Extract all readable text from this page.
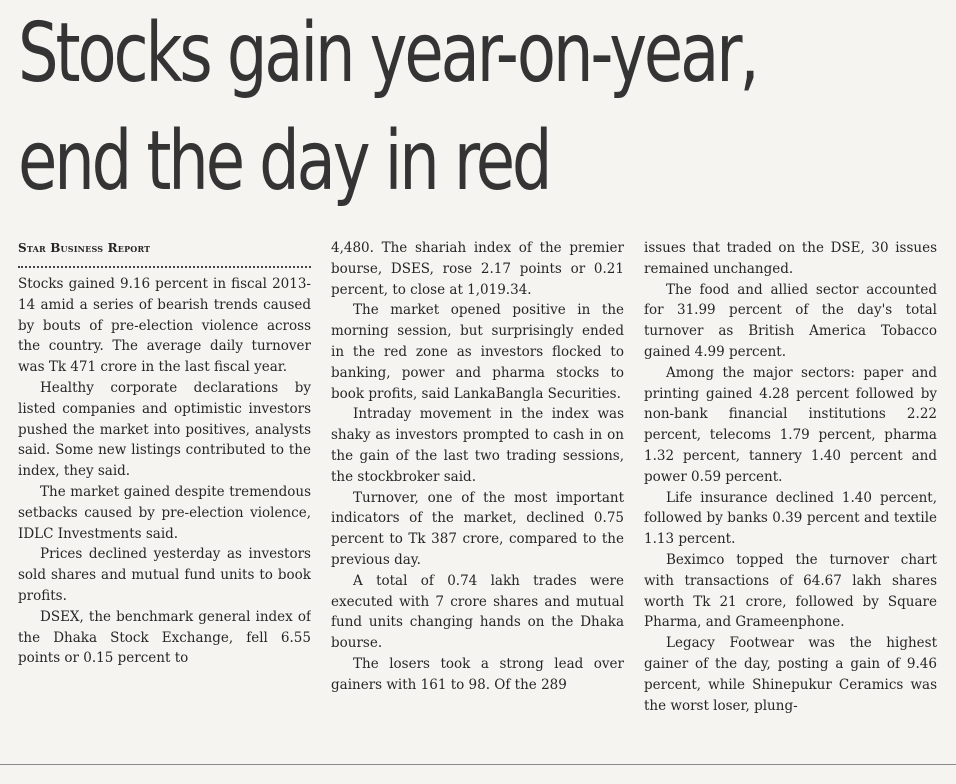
Stocks gain year-on-year,
end the day in red
Star Business Report

Stocks gained 9.16 percent in fiscal 2013-14 amid a series of bearish trends caused by bouts of pre-election violence across the country. The average daily turnover was Tk 471 crore in the last fiscal year.

Healthy corporate declarations by listed companies and optimistic investors pushed the market into positives, analysts said. Some new listings contributed to the index, they said.

The market gained despite tremendous setbacks caused by pre-election violence, IDLC Investments said.

Prices declined yesterday as investors sold shares and mutual fund units to book profits.

DSEX, the benchmark general index of the Dhaka Stock Exchange, fell 6.55 points or 0.15 percent to

4,480. The shariah index of the premier bourse, DSES, rose 2.17 points or 0.21 percent, to close at 1,019.34.

The market opened positive in the morning session, but surprisingly ended in the red zone as investors flocked to banking, power and pharma stocks to book profits, said LankaBangla Securities.

Intraday movement in the index was shaky as investors prompted to cash in on the gain of the last two trading sessions, the stockbroker said.

Turnover, one of the most important indicators of the market, declined 0.75 percent to Tk 387 crore, compared to the previous day.

A total of 0.74 lakh trades were executed with 7 crore shares and mutual fund units changing hands on the Dhaka bourse.

The losers took a strong lead over gainers with 161 to 98. Of the 289

issues that traded on the DSE, 30 issues remained unchanged.

The food and allied sector accounted for 31.99 percent of the day's total turnover as British America Tobacco gained 4.99 percent.

Among the major sectors: paper and printing gained 4.28 percent followed by non-bank financial institutions 2.22 percent, telecoms 1.79 percent, pharma 1.32 percent, tannery 1.40 percent and power 0.59 percent.

Life insurance declined 1.40 percent, followed by banks 0.39 percent and textile 1.13 percent.

Beximco topped the turnover chart with transactions of 64.67 lakh shares worth Tk 21 crore, followed by Square Pharma, and Grameenphone.

Legacy Footwear was the highest gainer of the day, posting a gain of 9.46 percent, while Shinepukur Ceramics was the worst loser, plung-
